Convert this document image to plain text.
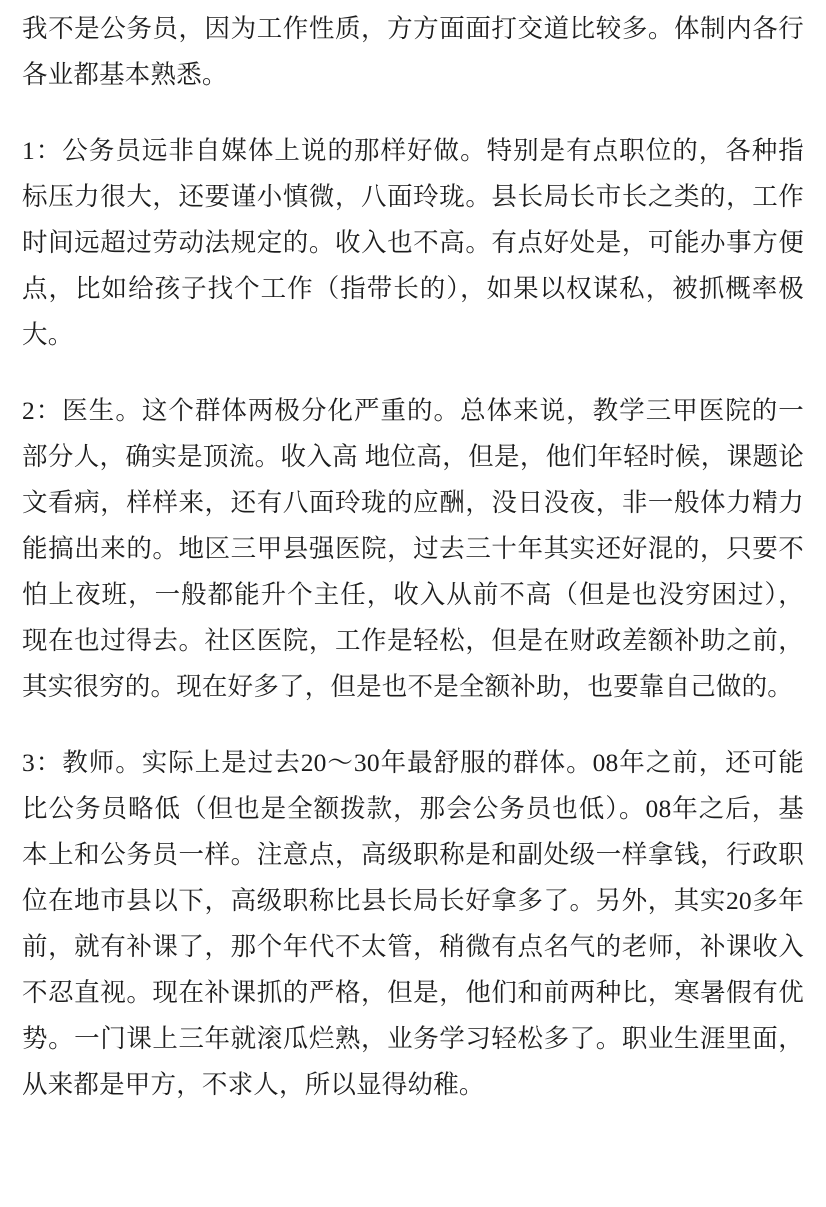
我不是公务员，因为工作性质，方方面面打交道比较多。体制内各行各业都基本熟悉。

1：公务员远非自媒体上说的那样好做。特别是有点职位的，各种指标压力很大，还要谨小慎微，八面玲珑。县长局长市长之类的，工作时间远超过劳动法规定的。收入也不高。有点好处是，可能办事方便点，比如给孩子找个工作（指带长的），如果以权谋私，被抓概率极大。

2：医生。这个群体两极分化严重的。总体来说，教学三甲医院的一部分人，确实是顶流。收入高 地位高，但是，他们年轻时候，课题论文看病，样样来，还有八面玲珑的应酬，没日没夜，非一般体力精力能搞出来的。地区三甲县强医院，过去三十年其实还好混的，只要不怕上夜班，一般都能升个主任，收入从前不高（但是也没穷困过），现在也过得去。社区医院，工作是轻松，但是在财政差额补助之前，其实很穷的。现在好多了，但是也不是全额补助，也要靠自己做的。

3：教师。实际上是过去20～30年最舒服的群体。08年之前，还可能比公务员略低（但也是全额拨款，那会公务员也低）。08年之后，基本上和公务员一样。注意点，高级职称是和副处级一样拿钱，行政职位在地市县以下，高级职称比县长局长好拿多了。另外，其实20多年前，就有补课了，那个年代不太管，稍微有点名气的老师，补课收入不忍直视。现在补课抓的严格，但是，他们和前两种比，寒暑假有优势。一门课上三年就滚瓜烂熟，业务学习轻松多了。职业生涯里面，从来都是甲方，不求人，所以显得幼稚。
